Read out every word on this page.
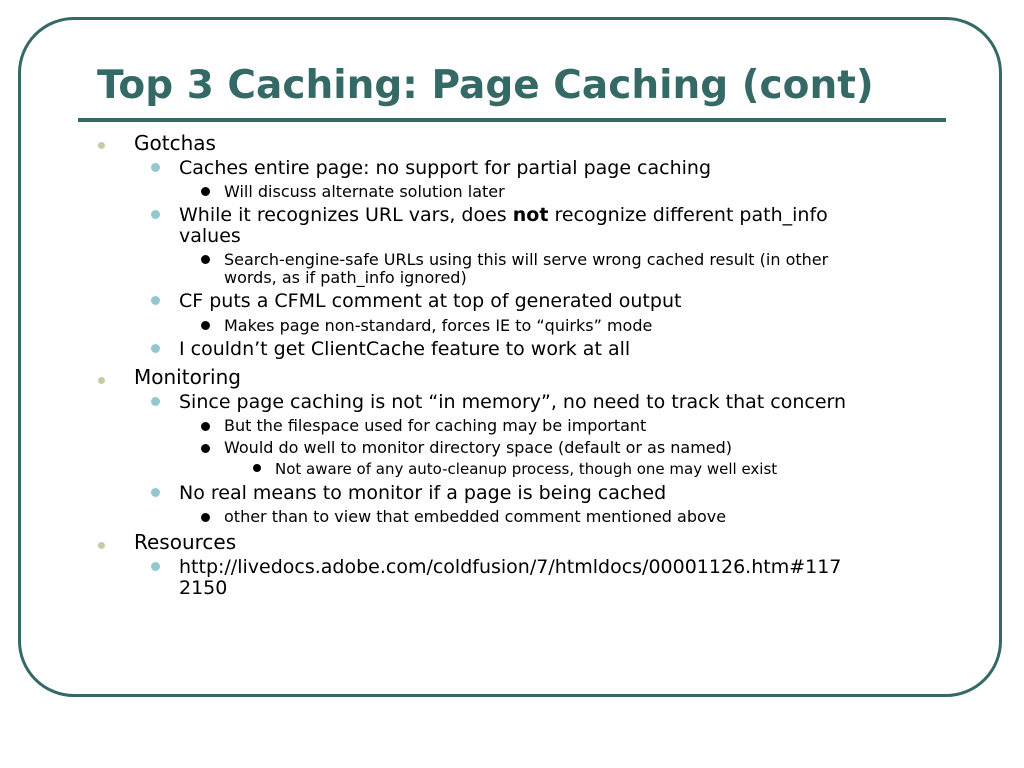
Top 3 Caching: Page Caching (cont)
Gotchas
Caches entire page: no support for partial page caching
Will discuss alternate solution later
While it recognizes URL vars, does not recognize different path_info
values
Search-engine-safe URLs using this will serve wrong cached result (in other
words, as if path_info ignored)
CF puts a CFML comment at top of generated output
Makes page non-standard, forces IE to “quirks” mode
I couldn’t get ClientCache feature to work at all
Monitoring
Since page caching is not “in memory”, no need to track that concern
But the filespace used for caching may be important
Would do well to monitor directory space (default or as named)
Not aware of any auto-cleanup process, though one may well exist
No real means to monitor if a page is being cached
other than to view that embedded comment mentioned above
Resources
http://livedocs.adobe.com/coldfusion/7/htmldocs/00001126.htm#117
2150
